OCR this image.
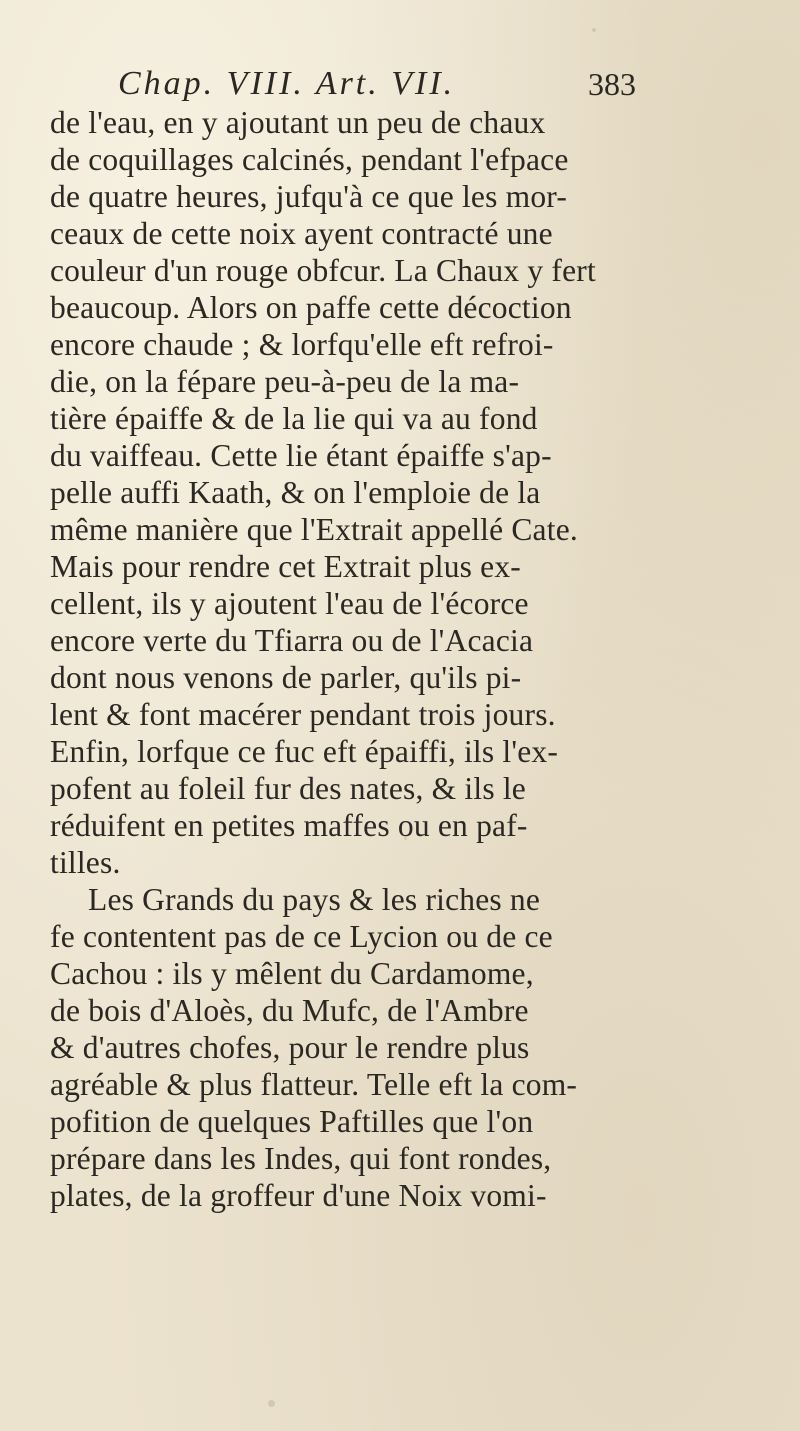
Chap. VIII. Art. VII.	383
de l'eau, en y ajoutant un peu de chaux
de coquillages calcinés, pendant l'efpace
de quatre heures, jufqu'à ce que les mor-
ceaux de cette noix ayent contracté une
couleur d'un rouge obfcur. La Chaux y fert
beaucoup. Alors on paffe cette décoction
encore chaude ; & lorfqu'elle eft refroi-
die, on la fépare peu-à-peu de la ma-
tière épaiffe & de la lie qui va au fond
du vaiffeau. Cette lie étant épaiffe s'ap-
pelle auffi Kaath, & on l'emploie de la
même manière que l'Extrait appellé Cate.
Mais pour rendre cet Extrait plus ex-
cellent, ils y ajoutent l'eau de l'écorce
encore verte du Tfiarra ou de l'Acacia
dont nous venons de parler, qu'ils pi-
lent & font macérer pendant trois jours.
Enfin, lorfque ce fuc eft épaiffi, ils l'ex-
pofent au foleil fur des nates, & ils le
réduifent en petites maffes ou en paf-
tilles.
Les Grands du pays & les riches ne
fe contentent pas de ce Lycion ou de ce
Cachou : ils y mêlent du Cardamome,
de bois d'Aloès, du Mufc, de l'Ambre
& d'autres chofes, pour le rendre plus
agréable & plus flatteur. Telle eft la com-
pofition de quelques Paftilles que l'on
prépare dans les Indes, qui font rondes,
plates, de la groffeur d'une Noix vomi-
